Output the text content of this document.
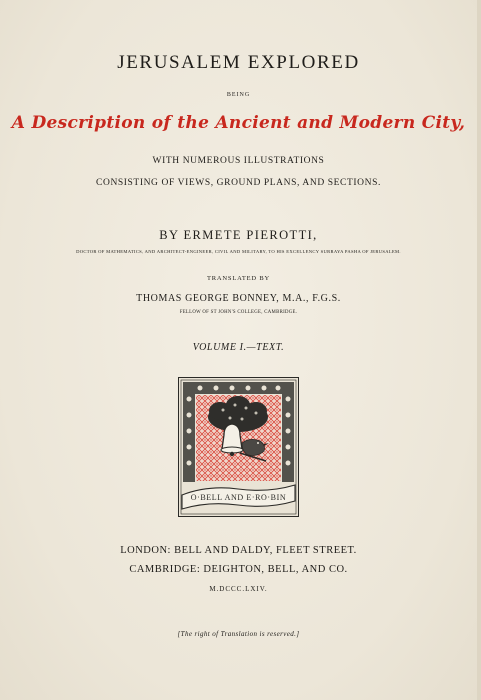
JERUSALEM EXPLORED
BEING
A Description of the Ancient and Modern City,
WITH NUMEROUS ILLUSTRATIONS
CONSISTING OF VIEWS, GROUND PLANS, AND SECTIONS.
BY ERMETE PIEROTTI,
DOCTOR OF MATHEMATICS, AND ARCHITECT-ENGINEER, CIVIL AND MILITARY, TO HIS EXCELLENCY SURRAYA PASHA OF JERUSALEM.
TRANSLATED BY
THOMAS GEORGE BONNEY, M.A., F.G.S.
FELLOW OF ST JOHN'S COLLEGE, CAMBRIDGE.
VOLUME I.—TEXT.
O·BELL AND E·RO·BIN
LONDON: BELL AND DALDY, FLEET STREET.
CAMBRIDGE: DEIGHTON, BELL, AND CO.
M.DCCC.LXIV.
[The right of Translation is reserved.]
